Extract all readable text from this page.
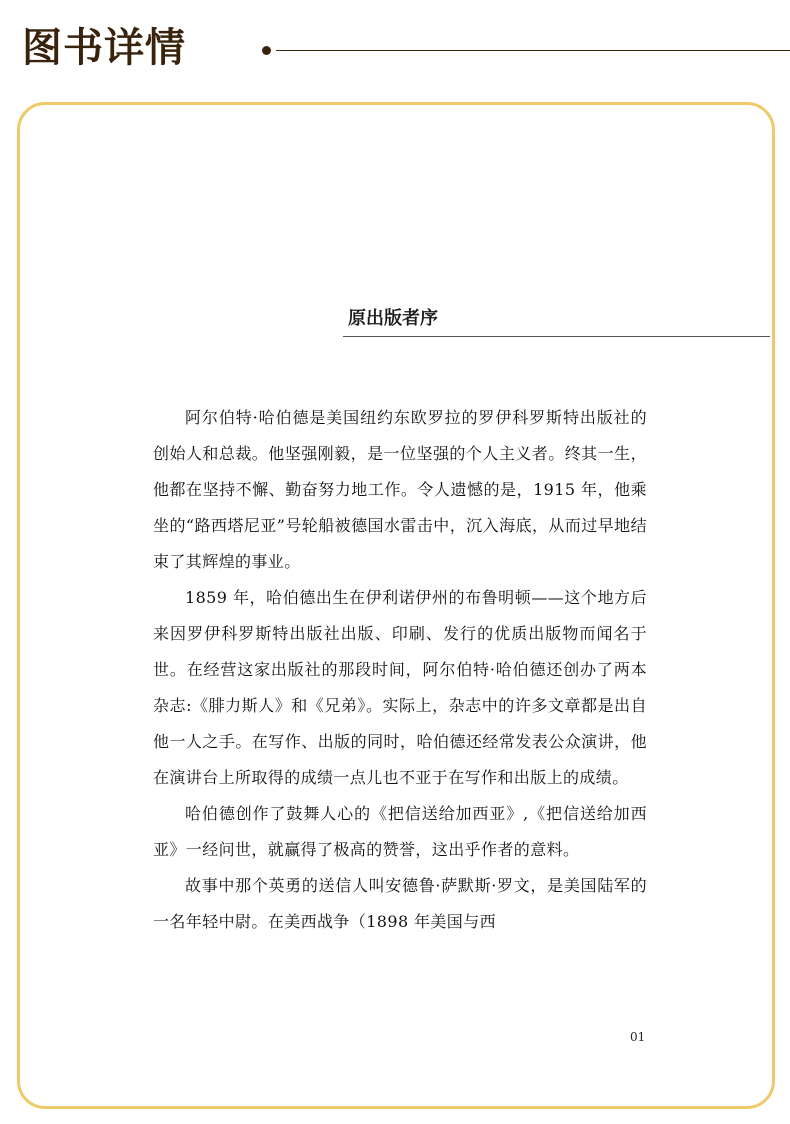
图书详情
原出版者序

阿尔伯特·哈伯德是美国纽约东欧罗拉的罗伊科罗斯特出版社的创始人和总裁。他坚强刚毅，是一位坚强的个人主义者。终其一生，他都在坚持不懈、勤奋努力地工作。令人遗憾的是，1915 年，他乘坐的“路西塔尼亚”号轮船被德国水雷击中，沉入海底，从而过早地结束了其辉煌的事业。

1859 年，哈伯德出生在伊利诺伊州的布鲁明顿——这个地方后来因罗伊科罗斯特出版社出版、印刷、发行的优质出版物而闻名于世。在经营这家出版社的那段时间，阿尔伯特·哈伯德还创办了两本杂志:《腓力斯人》和《兄弟》。实际上，杂志中的许多文章都是出自他一人之手。在写作、出版的同时，哈伯德还经常发表公众演讲，他在演讲台上所取得的成绩一点儿也不亚于在写作和出版上的成绩。

哈伯德创作了鼓舞人心的《把信送给加西亚》,《把信送给加西亚》一经问世，就赢得了极高的赞誉，这出乎作者的意料。

故事中那个英勇的送信人叫安德鲁·萨默斯·罗文，是美国陆军的一名年轻中尉。在美西战争（1898 年美国与西

01
